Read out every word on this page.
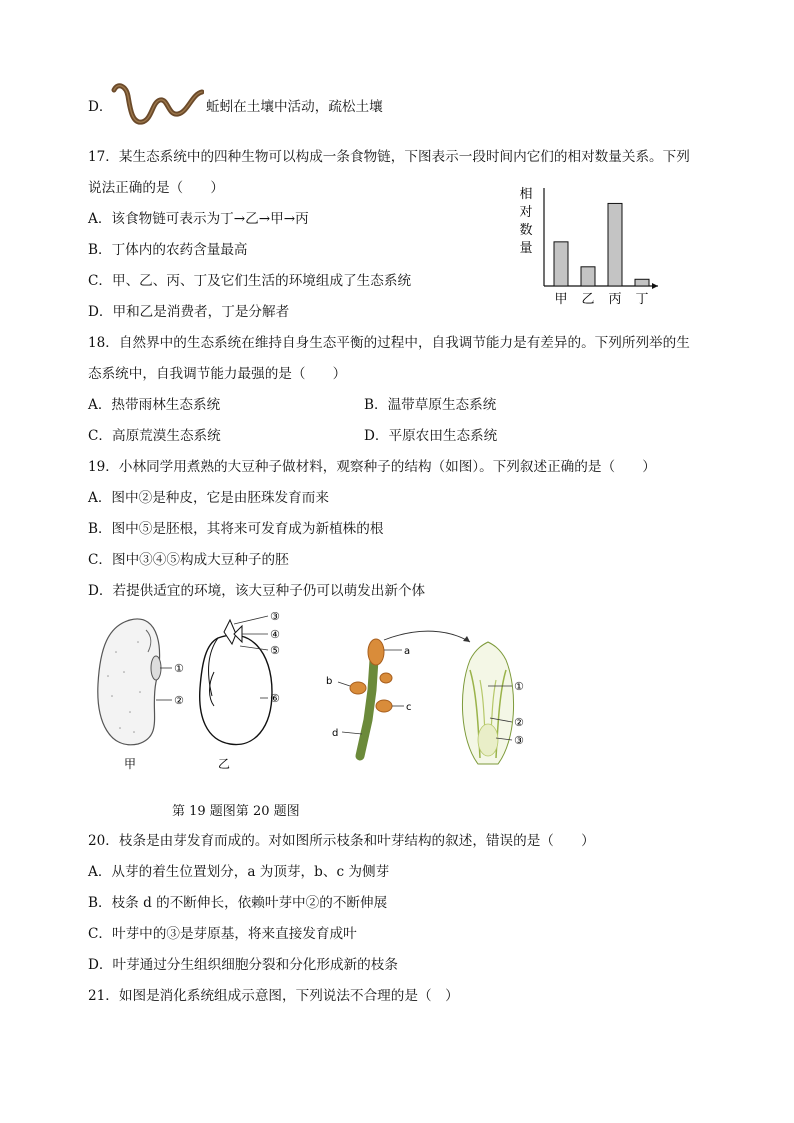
D．	蚯蚓在土壤中活动，疏松土壤
17．某生态系统中的四种生物可以构成一条食物链，下图表示一段时间内它们的相对数量关系。下列
说法正确的是（　　）
A．该食物链可表示为丁→乙→甲→丙
B．丁体内的农药含量最高
C．甲、乙、丙、丁及它们生活的环境组成了生态系统
D．甲和乙是消费者，丁是分解者
相
对
数
量
甲 乙 丙 丁
18．自然界中的生态系统在维持自身生态平衡的过程中，自我调节能力是有差异的。下列所列举的生
态系统中，自我调节能力最强的是（　　）
A．热带雨林生态系统	B．温带草原生态系统
C．高原荒漠生态系统	D．平原农田生态系统
19．小林同学用煮熟的大豆种子做材料，观察种子的结构（如图）。下列叙述正确的是（　　）
A．图中②是种皮，它是由胚珠发育而来
B．图中⑤是胚根，其将来可发育成为新植株的根
C．图中③④⑤构成大豆种子的胚
D．若提供适宜的环境，该大豆种子仍可以萌发出新个体
①
②
③
④
⑤
⑥
甲	乙
a
b
c
d
①
②
③
第 19 题图第 20 题图
20．枝条是由芽发育而成的。对如图所示枝条和叶芽结构的叙述，错误的是（　　）
A．从芽的着生位置划分，a 为顶芽，b、c 为侧芽
B．枝条 d 的不断伸长，依赖叶芽中②的不断伸展
C．叶芽中的③是芽原基，将来直接发育成叶
D．叶芽通过分生组织细胞分裂和分化形成新的枝条
21．如图是消化系统组成示意图，下列说法不合理的是（　）
